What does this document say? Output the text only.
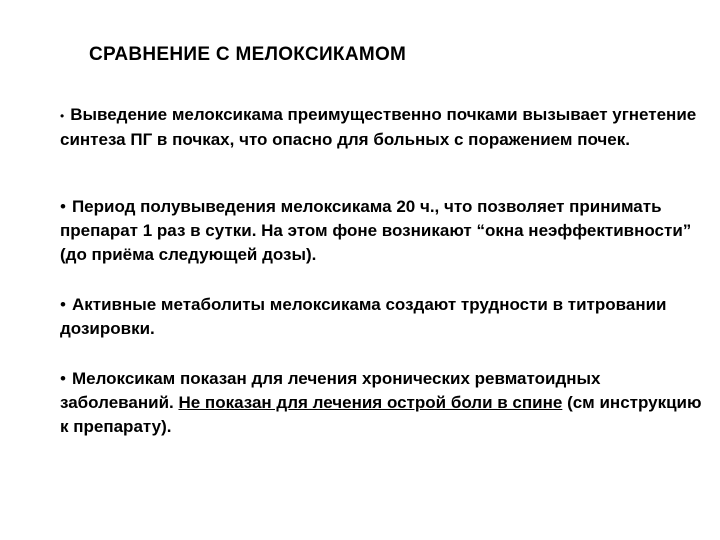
СРАВНЕНИЕ С МЕЛОКСИКАМОМ
• Выведение мелоксикама преимущественно почками вызывает угнетение синтеза ПГ в почках, что опасно для больных с поражением почек.
• Период полувыведения мелоксикама 20 ч., что позволяет принимать препарат 1 раз в сутки. На этом фоне возникают “окна неэффективности” (до приёма следующей дозы).
• Активные метаболиты мелоксикама создают трудности в титровании дозировки.
• Мелоксикам показан для лечения хронических ревматоидных заболеваний. Не показан для лечения острой боли в спине (см инструкцию к препарату).
